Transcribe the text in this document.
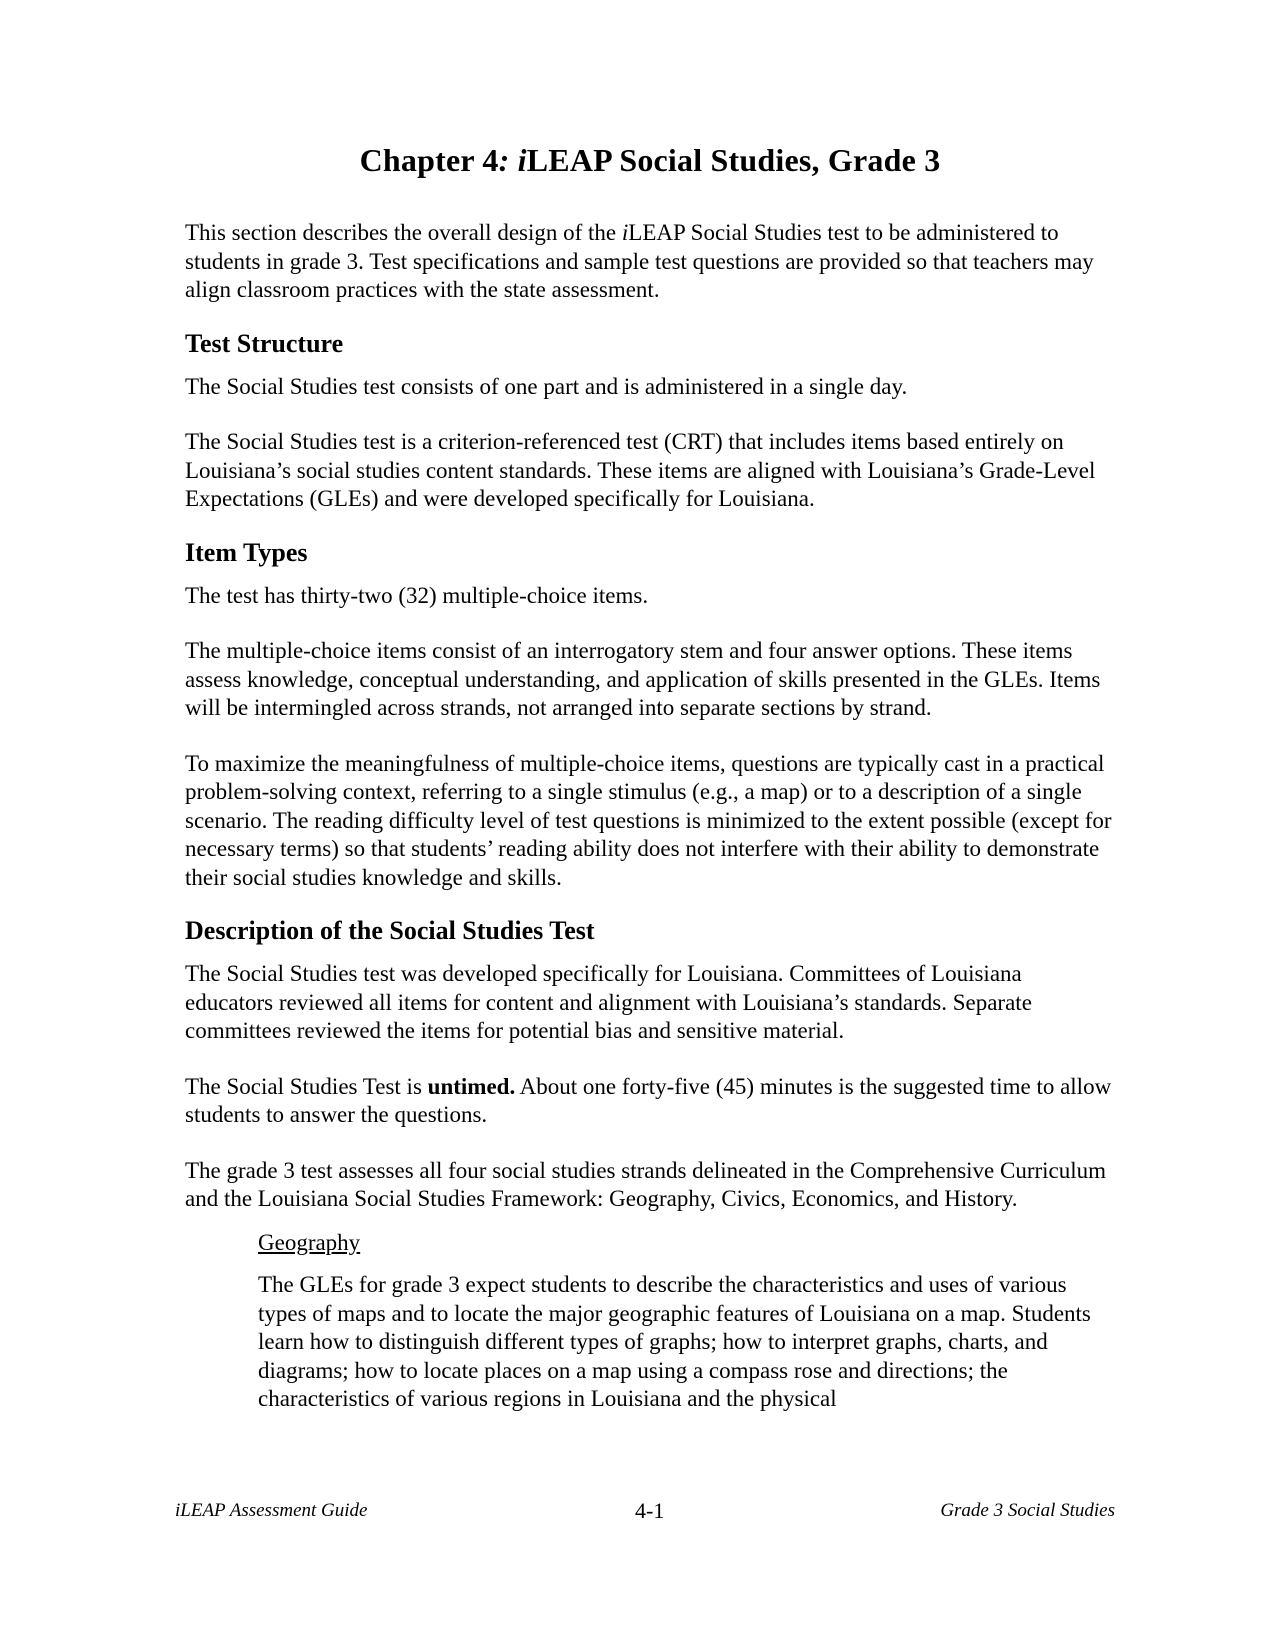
Chapter 4: iLEAP Social Studies, Grade 3

This section describes the overall design of the iLEAP Social Studies test to be administered to students in grade 3. Test specifications and sample test questions are provided so that teachers may align classroom practices with the state assessment.

Test Structure

The Social Studies test consists of one part and is administered in a single day.

The Social Studies test is a criterion-referenced test (CRT) that includes items based entirely on Louisiana’s social studies content standards. These items are aligned with Louisiana’s Grade-Level Expectations (GLEs) and were developed specifically for Louisiana.

Item Types

The test has thirty-two (32) multiple-choice items.

The multiple-choice items consist of an interrogatory stem and four answer options. These items assess knowledge, conceptual understanding, and application of skills presented in the GLEs. Items will be intermingled across strands, not arranged into separate sections by strand.

To maximize the meaningfulness of multiple-choice items, questions are typically cast in a practical problem-solving context, referring to a single stimulus (e.g., a map) or to a description of a single scenario. The reading difficulty level of test questions is minimized to the extent possible (except for necessary terms) so that students’ reading ability does not interfere with their ability to demonstrate their social studies knowledge and skills.

Description of the Social Studies Test

The Social Studies test was developed specifically for Louisiana. Committees of Louisiana educators reviewed all items for content and alignment with Louisiana’s standards. Separate committees reviewed the items for potential bias and sensitive material.

The Social Studies Test is untimed. About one forty-five (45) minutes is the suggested time to allow students to answer the questions.

The grade 3 test assesses all four social studies strands delineated in the Comprehensive Curriculum and the Louisiana Social Studies Framework: Geography, Civics, Economics, and History.

Geography

The GLEs for grade 3 expect students to describe the characteristics and uses of various types of maps and to locate the major geographic features of Louisiana on a map. Students learn how to distinguish different types of graphs; how to interpret graphs, charts, and diagrams; how to locate places on a map using a compass rose and directions; the characteristics of various regions in Louisiana and the physical

iLEAP Assessment Guide	4-1	Grade 3 Social Studies
